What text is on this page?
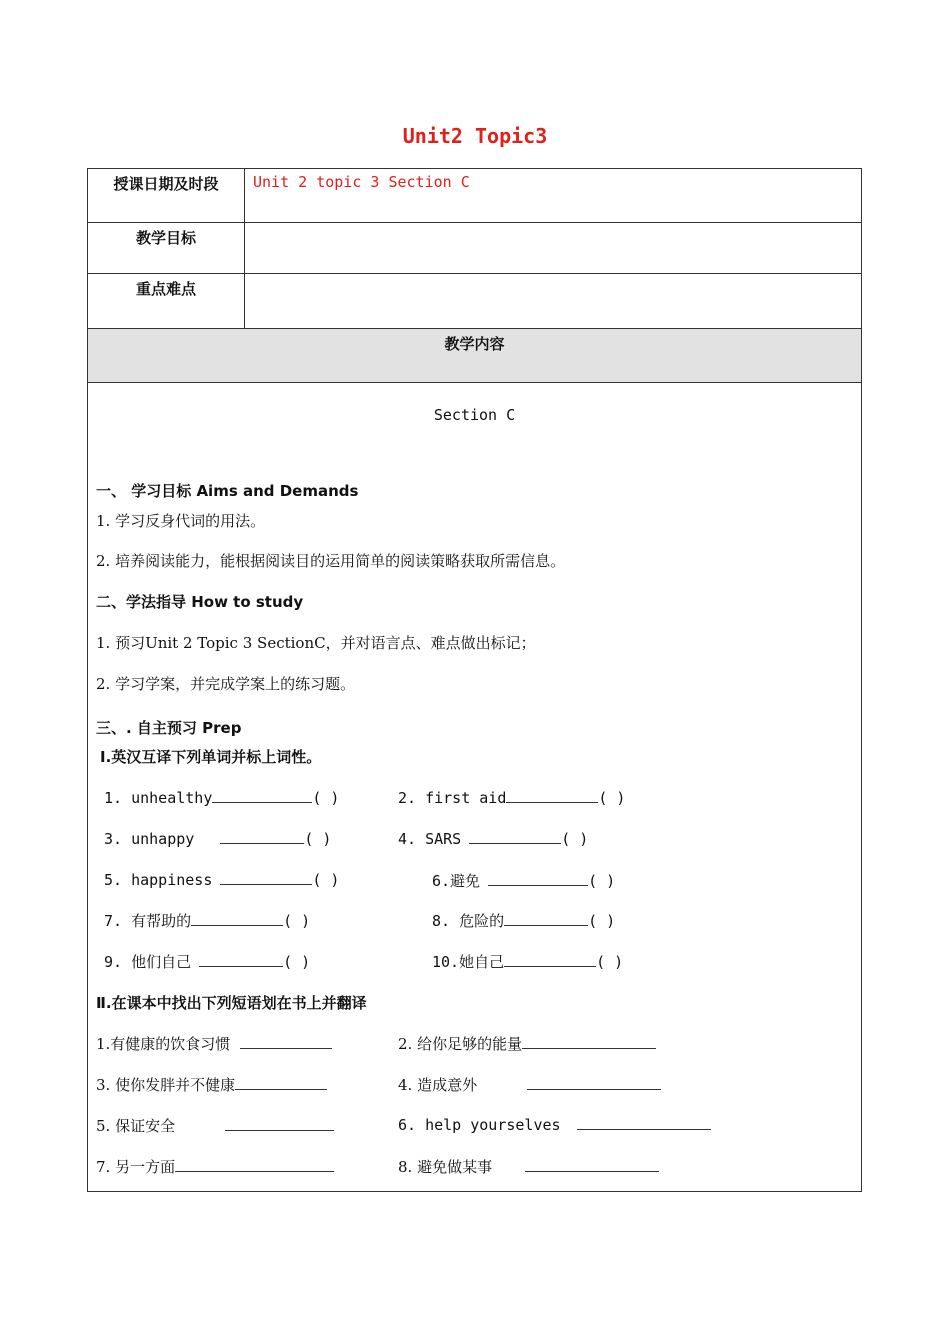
Unit2 Topic3
授课日期及时段	Unit 2 topic 3 Section C
教学目标
重点难点
教学内容
Section C
一、 学习目标 Aims and Demands
1. 学习反身代词的用法。
2. 培养阅读能力，能根据阅读目的运用简单的阅读策略获取所需信息。
二、学法指导 How to study
1. 预习Unit 2 Topic 3 SectionC，并对语言点、难点做出标记；
2. 学习学案，并完成学案上的练习题。
三、. 自主预习 Prep
Ⅰ.英汉互译下列单词并标上词性。
1. unhealthy	( )	2. first aid	( )
3. unhappy	( )	4. SARS	( )
5. happiness	( )	6.避免	( )
7. 有帮助的	( )	8. 危险的	( )
9. 他们自己	( )	10.她自己	( )
Ⅱ.在课本中找出下列短语划在书上并翻译
1.有健康的饮食习惯	2. 给你足够的能量
3. 使你发胖并不健康	4. 造成意外
5. 保证安全	6. help yourselves
7. 另一方面	8. 避免做某事
